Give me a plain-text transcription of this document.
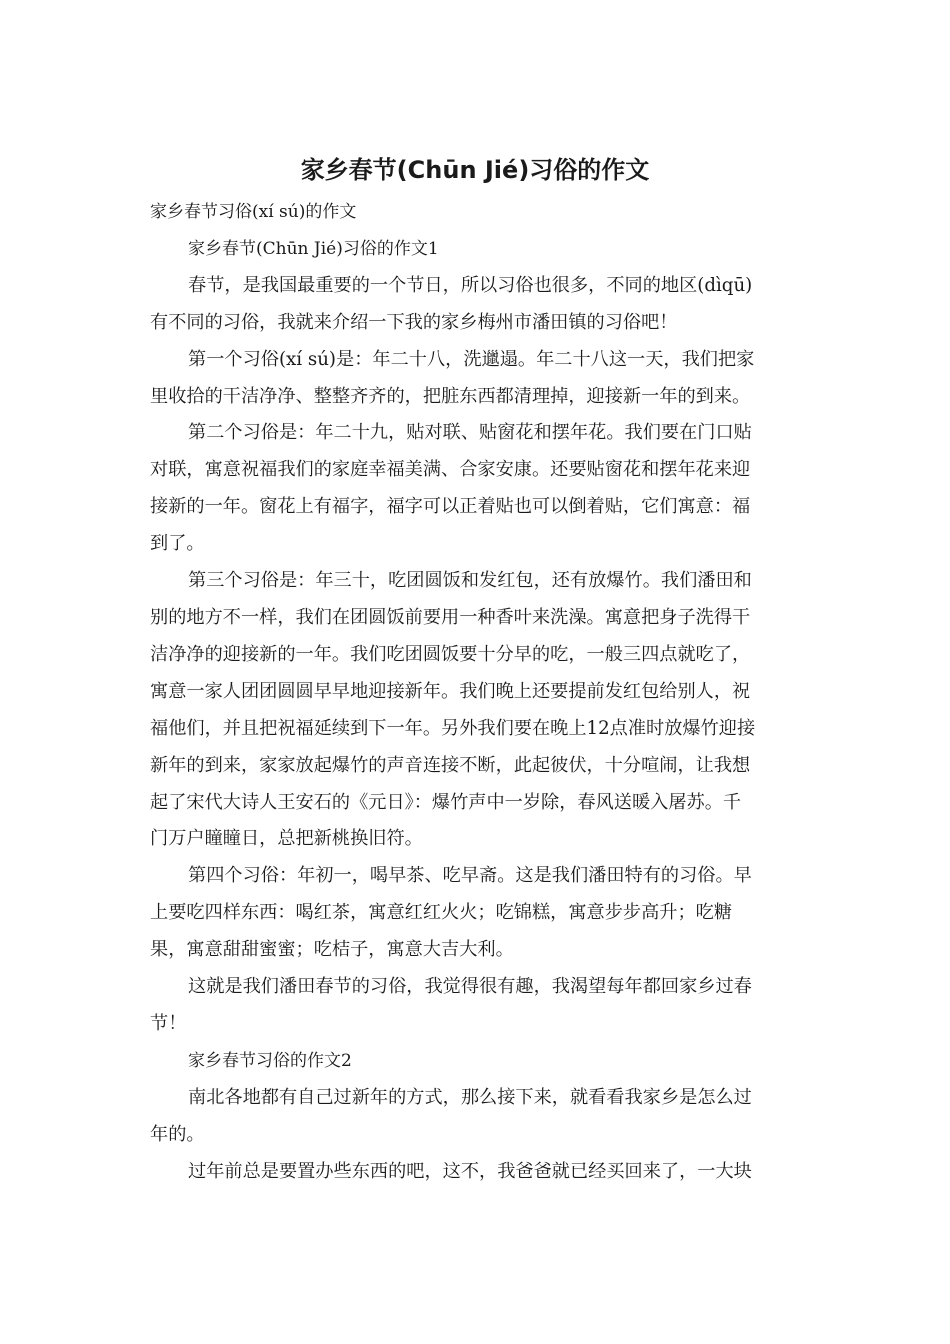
家乡春节(Chūn Jié)习俗的作文

家乡春节习俗(xí sú)的作文

家乡春节(Chūn Jié)习俗的作文1

春节，是我国最重要的一个节日，所以习俗也很多，不同的地区(dìqū)

有不同的习俗，我就来介绍一下我的家乡梅州市潘田镇的习俗吧！

第一个习俗(xí sú)是：年二十八，洗邋遢。年二十八这一天，我们把家

里收拾的干洁净净、整整齐齐的，把脏东西都清理掉，迎接新一年的到来。

第二个习俗是：年二十九，贴对联、贴窗花和摆年花。我们要在门口贴

对联，寓意祝福我们的家庭幸福美满、合家安康。还要贴窗花和摆年花来迎

接新的一年。窗花上有福字，福字可以正着贴也可以倒着贴，它们寓意：福

到了。

第三个习俗是：年三十，吃团圆饭和发红包，还有放爆竹。我们潘田和

别的地方不一样，我们在团圆饭前要用一种香叶来洗澡。寓意把身子洗得干

洁净净的迎接新的一年。我们吃团圆饭要十分早的吃，一般三四点就吃了，

寓意一家人团团圆圆早早地迎接新年。我们晚上还要提前发红包给别人，祝

福他们，并且把祝福延续到下一年。另外我们要在晚上12点准时放爆竹迎接

新年的到来，家家放起爆竹的声音连接不断，此起彼伏，十分喧闹，让我想

起了宋代大诗人王安石的《元日》：爆竹声中一岁除，春风送暖入屠苏。千

门万户瞳瞳日，总把新桃换旧符。

第四个习俗：年初一，喝早茶、吃早斋。这是我们潘田特有的习俗。早

上要吃四样东西：喝红茶，寓意红红火火；吃锦糕，寓意步步高升；吃糖

果，寓意甜甜蜜蜜；吃桔子，寓意大吉大利。

这就是我们潘田春节的习俗，我觉得很有趣，我渴望每年都回家乡过春

节！

家乡春节习俗的作文2

南北各地都有自己过新年的方式，那么接下来，就看看我家乡是怎么过

年的。

过年前总是要置办些东西的吧，这不，我爸爸就已经买回来了，一大块
